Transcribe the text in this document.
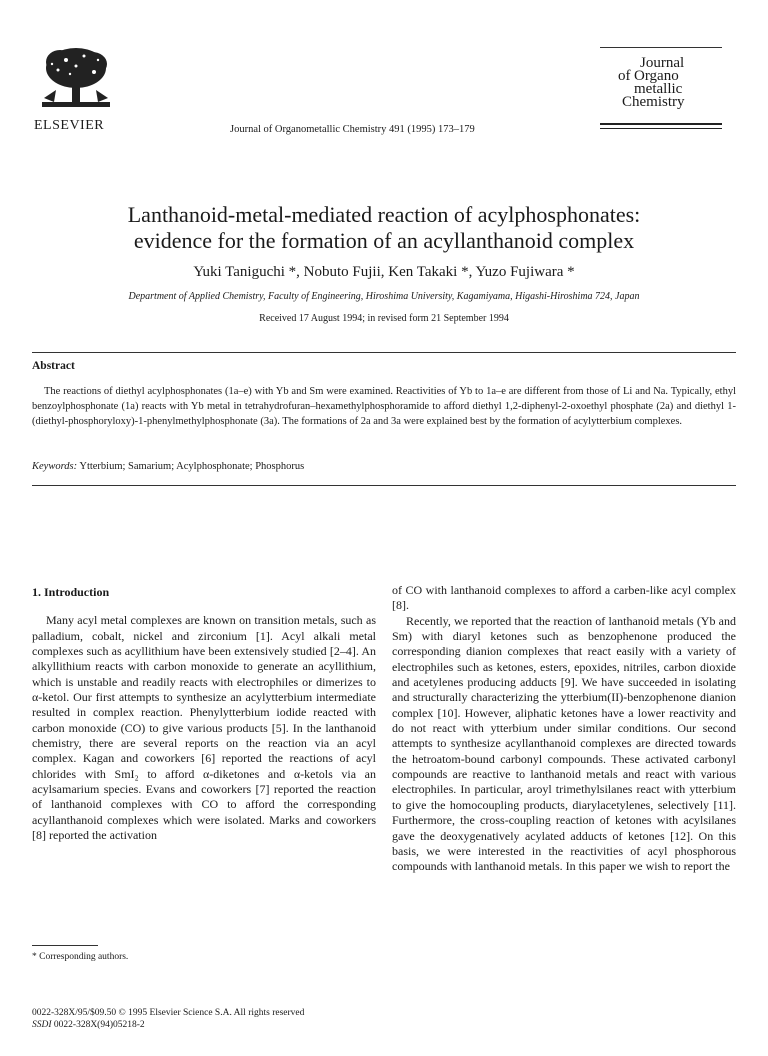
ELSEVIER	Journal of Organometallic Chemistry 491 (1995) 173–179
Journal
of Organo
metallic
Chemistry
Lanthanoid-metal-mediated reaction of acylphosphonates:
evidence for the formation of an acyllanthanoid complex
Yuki Taniguchi *, Nobuto Fujii, Ken Takaki *, Yuzo Fujiwara *
Department of Applied Chemistry, Faculty of Engineering, Hiroshima University, Kagamiyama, Higashi-Hiroshima 724, Japan
Received 17 August 1994; in revised form 21 September 1994
Abstract
The reactions of diethyl acylphosphonates (1a–e) with Yb and Sm were examined. Reactivities of Yb to 1a–e are different from those of Li and Na. Typically, ethyl benzoylphosphonate (1a) reacts with Yb metal in tetrahydrofuran–hexamethylphosphoramide to afford diethyl 1,2-diphenyl-2-oxoethyl phosphate (2a) and diethyl 1-(diethyl-phosphoryloxy)-1-phenylmethylphosphonate (3a). The formations of 2a and 3a were explained best by the formation of acylytterbium complexes.
Keywords: Ytterbium; Samarium; Acylphosphonate; Phosphorus
1. Introduction

Many acyl metal complexes are known on transition metals, such as palladium, cobalt, nickel and zirconium [1]. Acyl alkali metal complexes such as acyllithium have been extensively studied [2–4]. An alkyllithium reacts with carbon monoxide to generate an acyllithium, which is unstable and readily reacts with electrophiles or dimerizes to α-ketol. Our first attempts to synthesize an acylytterbium intermediate resulted in complex reaction. Phenylytterbium iodide reacted with carbon monoxide (CO) to give various products [5]. In the lanthanoid chemistry, there are several reports on the reaction via an acyl complex. Kagan and coworkers [6] reported the reactions of acyl chlorides with SmI₂ to afford α-diketones and α-ketols via an acylsamarium species. Evans and coworkers [7] reported the reaction of lanthanoid complexes with CO to afford the corresponding acyllanthanoid complexes which were isolated. Marks and coworkers [8] reported the activation

of CO with lanthanoid complexes to afford a carben-like acyl complex [8].

Recently, we reported that the reaction of lanthanoid metals (Yb and Sm) with diaryl ketones such as benzophenone produced the corresponding dianion complexes that react easily with a variety of electrophiles such as ketones, esters, epoxides, nitriles, carbon dioxide and acetylenes producing adducts [9]. We have succeeded in isolating and structurally characterizing the ytterbium(II)-benzophenone dianion complex [10]. However, aliphatic ketones have a lower reactivity and do not react with ytterbium under similar conditions. Our second attempts to synthesize acyllanthanoid complexes are directed towards the hetroatom-bound carbonyl compounds. These activated carbonyl compounds are reactive to lanthanoid metals and react with various electrophiles. In particular, aroyl trimethylsilanes react with ytterbium to give the homocoupling products, diarylacetylenes, selectively [11]. Furthermore, the cross-coupling reaction of ketones with acylsilanes gave the deoxygenatively acylated adducts of ketones [12]. On this basis, we were interested in the reactivities of acyl phosphorous compounds with lanthanoid metals. In this paper we wish to report the

* Corresponding authors.
0022-328X/95/$09.50 © 1995 Elsevier Science S.A. All rights reserved
SSDI 0022-328X(94)05218-2
